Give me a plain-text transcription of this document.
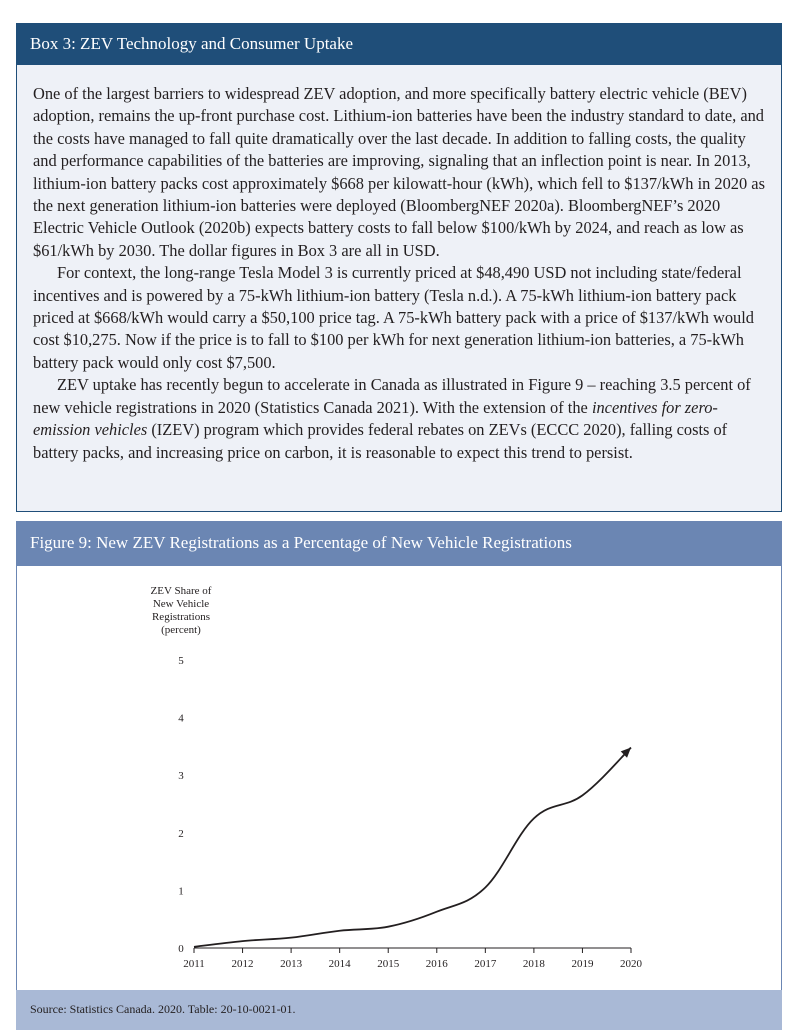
Box 3: ZEV Technology and Consumer Uptake

One of the largest barriers to widespread ZEV adoption, and more specifically battery electric vehicle (BEV) adoption, remains the up-front purchase cost. Lithium-ion batteries have been the industry standard to date, and the costs have managed to fall quite dramatically over the last decade. In addition to falling costs, the quality and performance capabilities of the batteries are improving, signaling that an inflection point is near. In 2013, lithium-ion battery packs cost approximately $668 per kilowatt-hour (kWh), which fell to $137/kWh in 2020 as the next generation lithium-ion batteries were deployed (BloombergNEF 2020a). BloombergNEF’s 2020 Electric Vehicle Outlook (2020b) expects battery costs to fall below $100/kWh by 2024, and reach as low as $61/kWh by 2030. The dollar figures in Box 3 are all in USD.

For context, the long-range Tesla Model 3 is currently priced at $48,490 USD not including state/federal incentives and is powered by a 75-kWh lithium-ion battery (Tesla n.d.). A 75-kWh lithium-ion battery pack priced at $668/kWh would carry a $50,100 price tag. A 75-kWh battery pack with a price of $137/kWh would cost $10,275. Now if the price is to fall to $100 per kWh for next generation lithium-ion batteries, a 75-kWh battery pack would only cost $7,500.

ZEV uptake has recently begun to accelerate in Canada as illustrated in Figure 9 – reaching 3.5 percent of new vehicle registrations in 2020 (Statistics Canada 2021). With the extension of the incentives for zero-emission vehicles (IZEV) program which provides federal rebates on ZEVs (ECCC 2020), falling costs of battery packs, and increasing price on carbon, it is reasonable to expect this trend to persist.

Figure 9: New ZEV Registrations as a Percentage of New Vehicle Registrations
ZEV Share of
New Vehicle
Registrations
(percent)
0
1
2
3
4
5
2011 2012 2013 2014 2015 2016 2017 2018 2019 2020
Source: Statistics Canada. 2020. Table: 20-10-0021-01.
